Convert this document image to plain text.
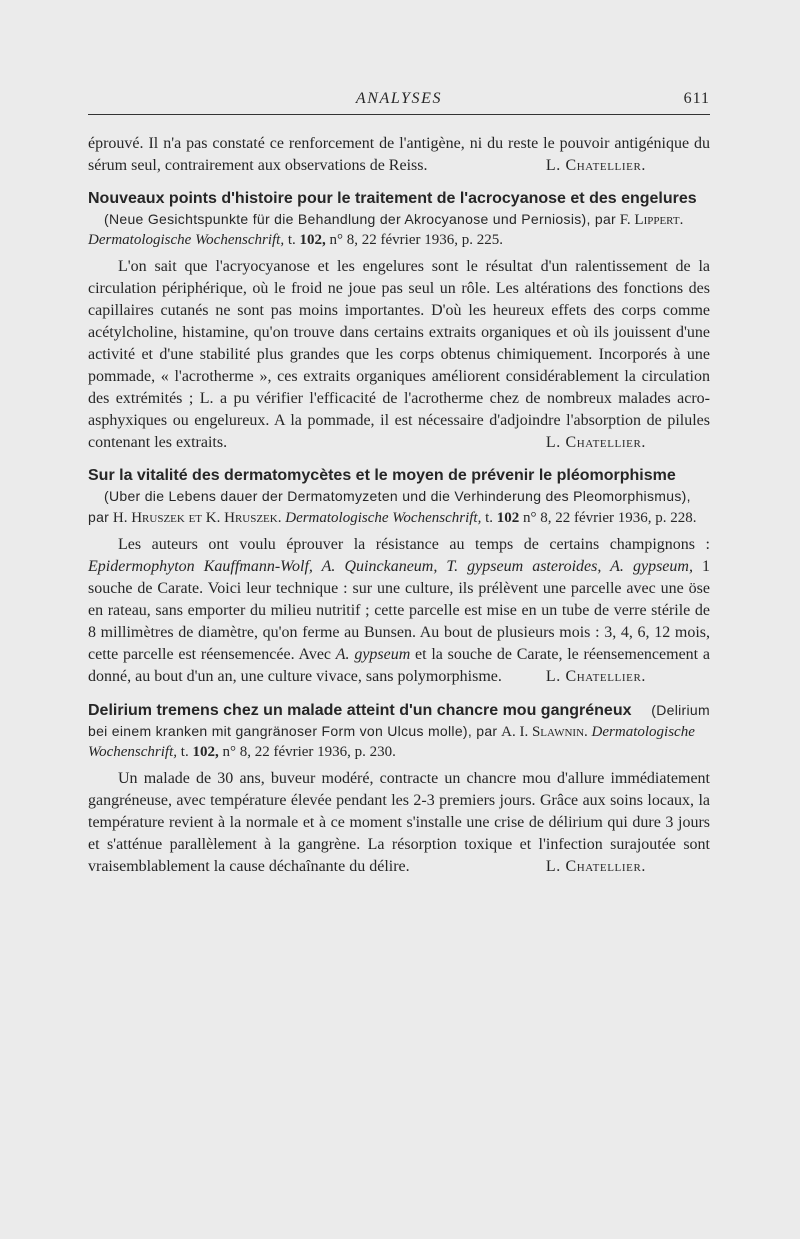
ANALYSES	611

éprouvé. Il n'a pas constaté ce renforcement de l'antigène, ni du reste le pouvoir antigénique du sérum seul, contrairement aux observations de Reiss.	L. Chatellier.

Nouveaux points d'histoire pour le traitement de l'acrocyanose et des engelures (Neue Gesichtspunkte für die Behandlung der Akrocyanose und Perniosis), par F. Lippert. Dermatologische Wochenschrift, t. 102, n° 8, 22 février 1936, p. 225.

L'on sait que l'acryocyanose et les engelures sont le résultat d'un ralentissement de la circulation périphérique, où le froid ne joue pas seul un rôle. Les altérations des fonctions des capillaires cutanés ne sont pas moins importantes. D'où les heureux effets des corps comme acétylcholine, histamine, qu'on trouve dans certains extraits organiques et où ils jouissent d'une activité et d'une stabilité plus grandes que les corps obtenus chimiquement. Incorporés à une pommade, « l'acrotherme », ces extraits organiques améliorent considérablement la circulation des extrémités ; L. a pu vérifier l'efficacité de l'acrotherme chez de nombreux malades acro-asphyxiques ou engelureux. A la pommade, il est nécessaire d'adjoindre l'absorption de pilules contenant les extraits.	L. Chatellier.

Sur la vitalité des dermatomycètes et le moyen de prévenir le pléomorphisme (Uber die Lebens dauer der Dermatomyzeten und die Verhinderung des Pleomorphismus), par H. Hruszek et K. Hruszek. Dermatologische Wochenschrift, t. 102 n° 8, 22 février 1936, p. 228.

Les auteurs ont voulu éprouver la résistance au temps de certains champignons : Epidermophyton Kauffmann-Wolf, A. Quinckaneum, T. gypseum asteroides, A. gypseum, 1 souche de Carate. Voici leur technique : sur une culture, ils prélèvent une parcelle avec une öse en rateau, sans emporter du milieu nutritif ; cette parcelle est mise en un tube de verre stérile de 8 millimètres de diamètre, qu'on ferme au Bunsen. Au bout de plusieurs mois : 3, 4, 6, 12 mois, cette parcelle est réensemencée. Avec A. gypseum et la souche de Carate, le réensemencement a donné, au bout d'un an, une culture vivace, sans polymorphisme.	L. Chatellier.

Delirium tremens chez un malade atteint d'un chancre mou gangréneux (Delirium bei einem kranken mit gangränoser Form von Ulcus molle), par A. I. Slawnin. Dermatologische Wochenschrift, t. 102, n° 8, 22 février 1936, p. 230.

Un malade de 30 ans, buveur modéré, contracte un chancre mou d'allure immédiatement gangréneuse, avec température élevée pendant les 2-3 premiers jours. Grâce aux soins locaux, la température revient à la normale et à ce moment s'installe une crise de délirium qui dure 3 jours et s'atténue parallèlement à la gangrène. La résorption toxique et l'infection surajoutée sont vraisemblablement la cause déchaînante du délire.	L. Chatellier.
